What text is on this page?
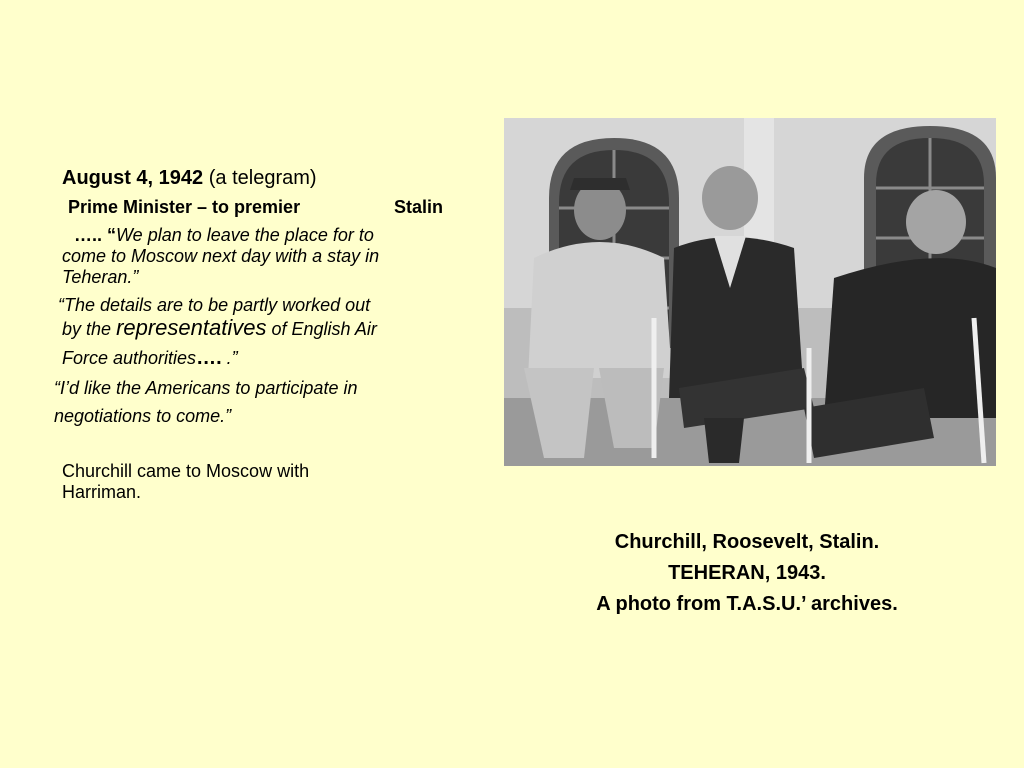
August 4, 1942 (a telegram)
Prime Minister – to premier	Stalin
….. “We plan to leave the place for to
come to Moscow next day with a stay in
Teheran.”
“The details are to be partly worked out
by the representatives of English Air
Force authorities…. .”
“I’d like the Americans to participate in
negotiations to come.”
Churchill came to Moscow with
Harriman.
Churchill, Roosevelt, Stalin.
TEHERAN, 1943.
A photo from T.A.S.U.’ archives.
